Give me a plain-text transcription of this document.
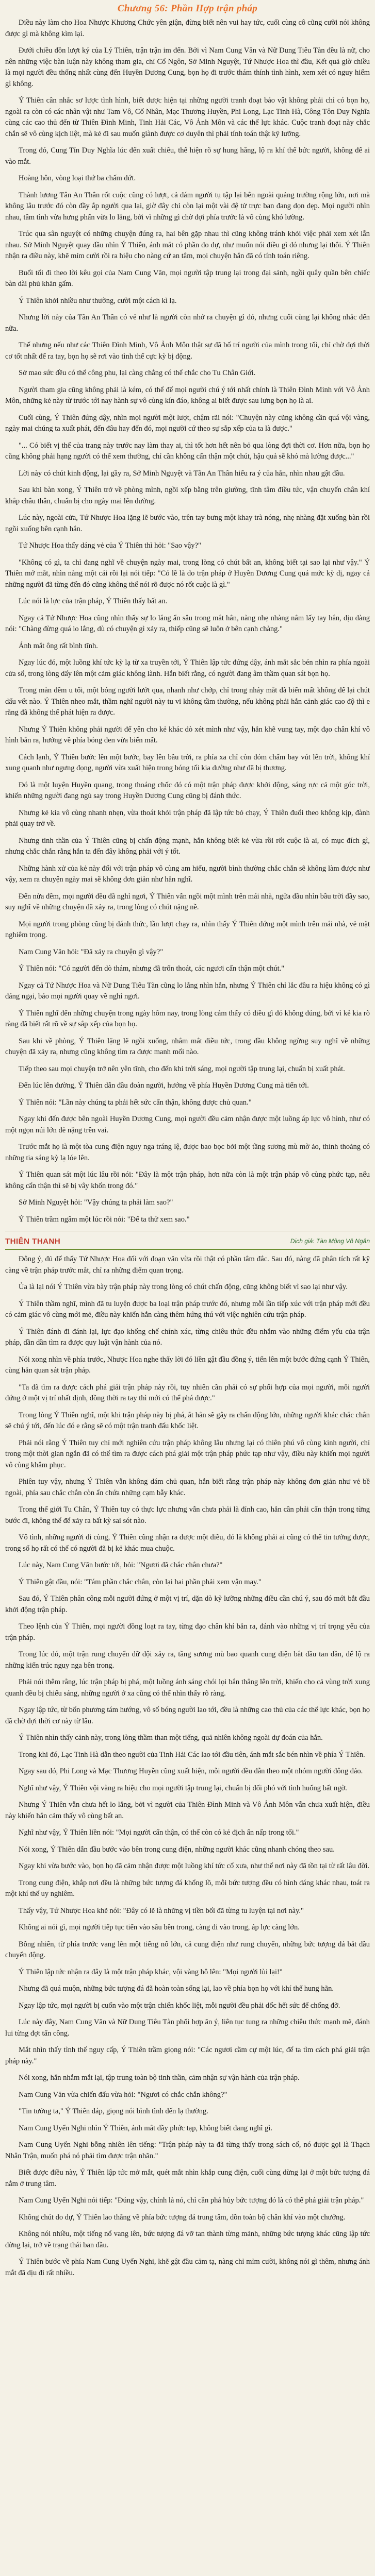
Chương 56: Phần Hợp trận pháp

Diều này làm cho Hoa Nhược Khương Chức yên giận, đừng biết nên vui hay tức, cuối cùng cô cũng cười nói không được gì mà không kìm lại.

Đưới chiều đồn lượt ký của Lý Thiên, trận trận im đến. Bởi vì Nam Cung Văn và Nữ Dung Tiêu Tàn đều là nữ, cho nên những việc bàn luận này không tham gia, chỉ Cổ Ngôn, Sở Minh Nguyệt, Tứ Nhược Hoa thì đầu, Kết quả giờ chiều là mọi người đều thống nhất cùng đến Huyền Dương Cung, bọn họ đi trước thám thính tình hình, xem xét có nguy hiểm gì không.

Ý Thiên cân nhắc sơ lược tình hình, biết được hiện tại những người tranh đoạt bảo vật không phải chỉ có bọn họ, ngoài ra còn có các nhân vật như Tam Vô, Cố Nhân, Mạc Thương Huyền, Phi Long, Lạc Tinh Hà, Công Tôn Duy Nghĩa cùng các cao thủ đến từ Thiên Đình Minh, Tinh Hải Các, Vô Ảnh Môn và các thế lực khác. Cuộc tranh đoạt này chắc chắn sẽ vô cùng kịch liệt, mà kẻ đi sau muốn giành được cơ duyên thì phải tính toán thật kỹ lưỡng.

Trong đó, Cung Tín Duy Nghĩa lúc đến xuất chiêu, thể hiện rõ sự hung hăng, lộ ra khí thế bức người, không để ai vào mắt.

Hoàng hôn, vòng loại thứ ba chấm dứt.

Thành lương Tân An Thân rốt cuộc cũng có lượt, cả đám người tụ tập lại bên ngoài quảng trường rộng lớn, nơi mà không lâu trước đó còn đầy ắp người qua lại, giờ đây chỉ còn lại một vài đệ tử trực ban đang dọn dẹp. Mọi người nhìn nhau, tâm tình vừa hưng phấn vừa lo lắng, bởi vì những gì chờ đợi phía trước là vô cùng khó lường.

Trúc qua sân nguyệt có những chuyện đúng ra, hai bên gặp nhau thì cũng không tránh khỏi việc phải xem xét lẫn nhau. Sở Minh Nguyệt quay đầu nhìn Ý Thiên, ánh mắt có phần do dự, như muốn nói điều gì đó nhưng lại thôi. Ý Thiên nhận ra điều này, khẽ mỉm cười rồi ra hiệu cho nàng cứ an tâm, mọi chuyện hắn đã có tính toán riêng.

Buổi tối đi theo lời kêu gọi của Nam Cung Văn, mọi người tập trung lại trong đại sảnh, ngồi quây quần bên chiếc bàn dài phủ khăn gấm.

Ý Thiên khởi nhiều như thường, cười một cách kì lạ.

Nhưng lời này của Tần An Thân có vẻ như là người còn nhớ ra chuyện gì đó, nhưng cuối cùng lại không nhắc đến nữa.

Thế nhưng nếu như các Thiên Đình Minh, Vô Ảnh Môn thật sự đã bố trí người của mình trong tối, chỉ chờ đợi thời cơ tốt nhất để ra tay, bọn họ sẽ rơi vào tình thế cực kỳ bị động.

Sở mao sức đều có thể công phu, lại càng chẳng có thể chắc cho Tu Chân Giới.

Người tham gia cũng không phải là kém, có thể để mọi người chú ý tới nhất chính là Thiên Đình Minh với Vô Ảnh Môn, những kẻ này từ trước tới nay hành sự vô cùng kín đáo, không ai biết được sau lưng bọn họ là ai.

Cuối cùng, Ý Thiên đứng dậy, nhìn mọi người một lượt, chậm rãi nói: "Chuyện này cũng không cần quá vội vàng, ngày mai chúng ta xuất phát, đến đâu hay đến đó, mọi người cứ theo sự sắp xếp của ta là được."

"... Có biết vị thế của trang này trước nay làm thay ai, thì tốt hơn hết nên bỏ qua lòng đợi thời cơ. Hơn nữa, bọn họ cũng không phải hạng người có thể xem thường, chỉ cần không cẩn thận một chút, hậu quả sẽ khó mà lường được..."

Lời này có chút kinh động, lại gầy ra, Sở Minh Nguyệt và Tần An Thân hiểu ra ý của hắn, nhìn nhau gật đầu.

Sau khi bàn xong, Ý Thiên trở về phòng mình, ngồi xếp bằng trên giường, tĩnh tâm điều tức, vận chuyển chân khí khắp châu thân, chuẩn bị cho ngày mai lên đường.

Lúc này, ngoài cửa, Tứ Nhược Hoa lặng lẽ bước vào, trên tay bưng một khay trà nóng, nhẹ nhàng đặt xuống bàn rồi ngồi xuống bên cạnh hắn.

Tứ Nhược Hoa thấy dáng vẻ của Ý Thiên thì hỏi: "Sao vậy?"

"Không có gì, ta chỉ đang nghĩ về chuyện ngày mai, trong lòng có chút bất an, không biết tại sao lại như vậy." Ý Thiên mở mắt, nhìn nàng một cái rồi lại nói tiếp: "Có lẽ là do trận pháp ở Huyền Dương Cung quá mức kỳ dị, ngay cả những người đã từng đến đó cũng không thể nói rõ được nó rốt cuộc là gì."

Lúc nói là lực của trận pháp, Ý Thiên thấy bất an.

Ngay cả Tứ Nhược Hoa cũng nhìn thấy sự lo lắng ẩn sâu trong mắt hắn, nàng nhẹ nhàng nắm lấy tay hắn, dịu dàng nói: "Chàng đừng quá lo lắng, dù có chuyện gì xảy ra, thiếp cũng sẽ luôn ở bên cạnh chàng."

Ánh mắt ông rất bình tĩnh.

Ngay lúc đó, một luồng khí tức kỳ lạ từ xa truyền tới, Ý Thiên lập tức đứng dậy, ánh mắt sắc bén nhìn ra phía ngoài cửa sổ, trong lòng dấy lên một cảm giác không lành. Hắn biết rằng, có người đang âm thầm quan sát bọn họ.

Trong màn đêm u tối, một bóng người lướt qua, nhanh như chớp, chỉ trong nháy mắt đã biến mất không để lại chút dấu vết nào. Ý Thiên nheo mắt, thầm nghĩ người này tu vi không tầm thường, nếu không phải hắn cảnh giác cao độ thì e rằng đã không thể phát hiện ra được.

Nhưng Ý Thiên không phải người để yên cho kẻ khác dò xét mình như vậy, hắn khẽ vung tay, một đạo chân khí vô hình bắn ra, hướng về phía bóng đen vừa biến mất.

Cách lạnh, Ý Thiên bước lên một bước, bay lên bầu trời, ra phía xa chỉ còn đóm chấm bay vút lên trời, không khí xung quanh như ngưng đọng, người vừa xuất hiện trong bóng tối kia dường như đã bị thương.

Đó là một luyện Huyền quang, trong thoáng chốc đó có một trận pháp được khởi động, sáng rực cả một góc trời, khiến những người đang ngủ say trong Huyền Dương Cung cũng bị đánh thức.

Nhưng kẻ kia vô cùng nhanh nhẹn, vừa thoát khỏi trận pháp đã lập tức bỏ chạy, Ý Thiên đuổi theo không kịp, đành phải quay trở về.

Nhưng tinh thần của Ý Thiên cũng bị chấn động mạnh, hắn không biết kẻ vừa rồi rốt cuộc là ai, có mục đích gì, nhưng chắc chắn rằng hắn ta đến đây không phải với ý tốt.

Những hành xử của kẻ này đối với trận pháp vô cùng am hiểu, người bình thường chắc chắn sẽ không làm được như vậy, xem ra chuyện ngày mai sẽ không đơn giản như hắn nghĩ.

Đến nửa đêm, mọi người đều đã nghỉ ngơi, Ý Thiên vẫn ngồi một mình trên mái nhà, ngửa đầu nhìn bầu trời đầy sao, suy nghĩ về những chuyện đã xảy ra, trong lòng có chút nặng nề.

Mọi người trong phòng cũng bị đánh thức, lần lượt chạy ra, nhìn thấy Ý Thiên đứng một mình trên mái nhà, vẻ mặt nghiêm trọng.

Nam Cung Văn hỏi: "Đã xảy ra chuyện gì vậy?"

Ý Thiên nói: "Có người đến dò thám, nhưng đã trốn thoát, các ngươi cẩn thận một chút."

Ngay cả Tứ Nhược Hoa và Nữ Dung Tiêu Tàn cũng lo lắng nhìn hắn, nhưng Ý Thiên chỉ lắc đầu ra hiệu không có gì đáng ngại, bảo mọi người quay về nghỉ ngơi.

Ý Thiên nghĩ đến những chuyện trong ngày hôm nay, trong lòng cảm thấy có điều gì đó không đúng, bởi vì kẻ kia rõ ràng đã biết rất rõ về sự sắp xếp của bọn họ.

Sau khi về phòng, Ý Thiên lặng lẽ ngồi xuống, nhắm mắt điều tức, trong đầu không ngừng suy nghĩ về những chuyện đã xảy ra, nhưng cũng không tìm ra được manh mối nào.

Tiếp theo sau mọi chuyện trở nên yên tĩnh, cho đến khi trời sáng, mọi người tập trung lại, chuẩn bị xuất phát.

Đến lúc lên đường, Ý Thiên dẫn đầu đoàn người, hướng về phía Huyền Dương Cung mà tiến tới.

Ý Thiên nói: "Lần này chúng ta phải hết sức cẩn thận, không được chủ quan."

Ngay khi đến được bên ngoài Huyền Dương Cung, mọi người đều cảm nhận được một luồng áp lực vô hình, như có một ngọn núi lớn đè nặng trên vai.

Trước mắt họ là một tòa cung điện nguy nga tráng lệ, được bao bọc bởi một tầng sương mù mờ ảo, thỉnh thoảng có những tia sáng kỳ lạ lóe lên.

Ý Thiên quan sát một lúc lâu rồi nói: "Đây là một trận pháp, hơn nữa còn là một trận pháp vô cùng phức tạp, nếu không cẩn thận thì sẽ bị vây khốn trong đó."

Sở Minh Nguyệt hỏi: "Vậy chúng ta phải làm sao?"

Ý Thiên trầm ngâm một lúc rồi nói: "Để ta thử xem sao."

THIÊN THANH	Dịch giả: Tàn Mộng Vô Ngân

Đông ý, đủ để thấy Tứ Nhược Hoa đối với đoạn văn vừa rồi thật có phần tâm đắc. Sau đó, nàng đã phân tích rất kỹ càng về trận pháp trước mắt, chỉ ra những điểm quan trọng.

Ủa là lại nói Ý Thiên vừa bày trận pháp này trong lòng có chút chấn động, cũng không biết vì sao lại như vậy.

Ý Thiên thầm nghĩ, mình đã tu luyện được ba loại trận pháp trước đó, nhưng mỗi lần tiếp xúc với trận pháp mới đều có cảm giác vô cùng mới mẻ, điều này khiến hắn càng thêm hứng thú với việc nghiên cứu trận pháp.

Ý Thiên đánh đi đánh lại, lực đạo khống chế chính xác, từng chiêu thức đều nhắm vào những điểm yếu của trận pháp, dần dần tìm ra được quy luật vận hành của nó.

Nói xong nhìn về phía trước, Nhược Hoa nghe thấy lời đó liền gật đầu đồng ý, tiến lên một bước đứng cạnh Ý Thiên, cùng hắn quan sát trận pháp.

"Ta đã tìm ra được cách phá giải trận pháp này rồi, tuy nhiên cần phải có sự phối hợp của mọi người, mỗi người đứng ở một vị trí nhất định, đồng thời ra tay thì mới có thể phá được."

Trong lòng Ý Thiên nghĩ, một khi trận pháp này bị phá, ắt hẳn sẽ gây ra chấn động lớn, những người khác chắc chắn sẽ chú ý tới, đến lúc đó e rằng sẽ có một trận tranh đấu khốc liệt.

Phải nói rằng Ý Thiên tuy chỉ mới nghiên cứu trận pháp không lâu nhưng lại có thiên phú vô cùng kinh người, chỉ trong một thời gian ngắn đã có thể tìm ra được cách phá giải một trận pháp phức tạp như vậy, điều này khiến mọi người vô cùng khâm phục.

Phiên tuy vậy, nhưng Ý Thiên vẫn không dám chủ quan, hắn biết rằng trận pháp này không đơn giản như vẻ bề ngoài, phía sau chắc chắn còn ẩn chứa những cạm bẫy khác.

Trong thế giới Tu Chân, Ý Thiên tuy có thực lực nhưng vẫn chưa phải là đỉnh cao, hắn cần phải cẩn thận trong từng bước đi, không thể để xảy ra bất kỳ sai sót nào.

Vô tình, những người đi cùng, Ý Thiên cũng nhận ra được một điều, đó là không phải ai cũng có thể tin tưởng được, trong số họ rất có thể có người đã bị kẻ khác mua chuộc.

Lúc này, Nam Cung Văn bước tới, hỏi: "Ngươi đã chắc chắn chưa?"

Ý Thiên gật đầu, nói: "Tám phần chắc chắn, còn lại hai phần phải xem vận may."

Sau đó, Ý Thiên phân công mỗi người đứng ở một vị trí, dặn dò kỹ lưỡng những điều cần chú ý, sau đó mới bắt đầu khởi động trận pháp.

Theo lệnh của Ý Thiên, mọi người đồng loạt ra tay, từng đạo chân khí bắn ra, đánh vào những vị trí trọng yếu của trận pháp.

Trong lúc đó, một trận rung chuyển dữ dội xảy ra, tầng sương mù bao quanh cung điện bắt đầu tan dần, để lộ ra những kiến trúc nguy nga bên trong.

Phải nói thêm rằng, lúc trận pháp bị phá, một luồng ánh sáng chói lọi bắn thẳng lên trời, khiến cho cả vùng trời xung quanh đều bị chiếu sáng, những người ở xa cũng có thể nhìn thấy rõ ràng.

Ngay lập tức, từ bốn phương tám hướng, vô số bóng người lao tới, đều là những cao thủ của các thế lực khác, bọn họ đã chờ đợi thời cơ này từ lâu.

Ý Thiên nhìn thấy cảnh này, trong lòng thầm than một tiếng, quả nhiên không ngoài dự đoán của hắn.

Trong khi đó, Lạc Tinh Hà dẫn theo người của Tinh Hải Các lao tới đầu tiên, ánh mắt sắc bén nhìn về phía Ý Thiên.

Ngay sau đó, Phi Long và Mạc Thương Huyền cũng xuất hiện, mỗi người đều dẫn theo một nhóm người đông đảo.

Nghĩ như vậy, Ý Thiên vội vàng ra hiệu cho mọi người tập trung lại, chuẩn bị đối phó với tình huống bất ngờ.

Nhưng Ý Thiên vẫn chưa hết lo lắng, bởi vì người của Thiên Đình Minh và Vô Ảnh Môn vẫn chưa xuất hiện, điều này khiến hắn cảm thấy vô cùng bất an.

Nghĩ như vậy, Ý Thiên liền nói: "Mọi người cẩn thận, có thể còn có kẻ địch ẩn nấp trong tối."

Nói xong, Ý Thiên dẫn đầu bước vào bên trong cung điện, những người khác cũng nhanh chóng theo sau.

Ngay khi vừa bước vào, bọn họ đã cảm nhận được một luồng khí tức cổ xưa, như thể nơi này đã tồn tại từ rất lâu đời.

Trong cung điện, khắp nơi đều là những bức tượng đá khổng lồ, mỗi bức tượng đều có hình dáng khác nhau, toát ra một khí thế uy nghiêm.

Thấy vậy, Tứ Nhược Hoa khẽ nói: "Đây có lẽ là những vị tiền bối đã từng tu luyện tại nơi này."

Không ai nói gì, mọi người tiếp tục tiến vào sâu bên trong, càng đi vào trong, áp lực càng lớn.

Bỗng nhiên, từ phía trước vang lên một tiếng nổ lớn, cả cung điện như rung chuyển, những bức tượng đá bắt đầu chuyển động.

Ý Thiên lập tức nhận ra đây là một trận pháp khác, vội vàng hô lên: "Mọi người lùi lại!"

Nhưng đã quá muộn, những bức tượng đá đã hoàn toàn sống lại, lao về phía bọn họ với khí thế hung hãn.

Ngay lập tức, mọi người bị cuốn vào một trận chiến khốc liệt, mỗi người đều phải dốc hết sức để chống đỡ.

Lúc này đây, Nam Cung Văn và Nữ Dung Tiêu Tàn phối hợp ăn ý, liên tục tung ra những chiêu thức mạnh mẽ, đánh lui từng đợt tấn công.

Mắt nhìn thấy tình thế nguy cấp, Ý Thiên trầm giọng nói: "Các ngươi cầm cự một lúc, để ta tìm cách phá giải trận pháp này."

Nói xong, hắn nhắm mắt lại, tập trung toàn bộ tinh thần, cảm nhận sự vận hành của trận pháp.

Nam Cung Văn vừa chiến đấu vừa hỏi: "Ngươi có chắc chắn không?"

"Tin tưởng ta," Ý Thiên đáp, giọng nói bình tĩnh đến lạ thường.

Nam Cung Uyển Nghi nhìn Ý Thiên, ánh mắt đầy phức tạp, không biết đang nghĩ gì.

Nam Cung Uyển Nghi bỗng nhiên lên tiếng: "Trận pháp này ta đã từng thấy trong sách cổ, nó được gọi là Thạch Nhân Trận, muốn phá nó phải tìm được trận nhãn."

Biết được điều này, Ý Thiên lập tức mở mắt, quét mắt nhìn khắp cung điện, cuối cùng dừng lại ở một bức tượng đá nằm ở trung tâm.

Nam Cung Uyển Nghi nói tiếp: "Đúng vậy, chính là nó, chỉ cần phá hủy bức tượng đó là có thể phá giải trận pháp."

Không chút do dự, Ý Thiên lao thẳng về phía bức tượng đá trung tâm, dồn toàn bộ chân khí vào một chưởng.

Không nói nhiều, một tiếng nổ vang lên, bức tượng đá vỡ tan thành từng mảnh, những bức tượng khác cũng lập tức dừng lại, trở về trạng thái ban đầu.

Ý Thiên bước về phía Nam Cung Uyển Nghi, khẽ gật đầu cảm tạ, nàng chỉ mỉm cười, không nói gì thêm, nhưng ánh mắt đã dịu đi rất nhiều.
